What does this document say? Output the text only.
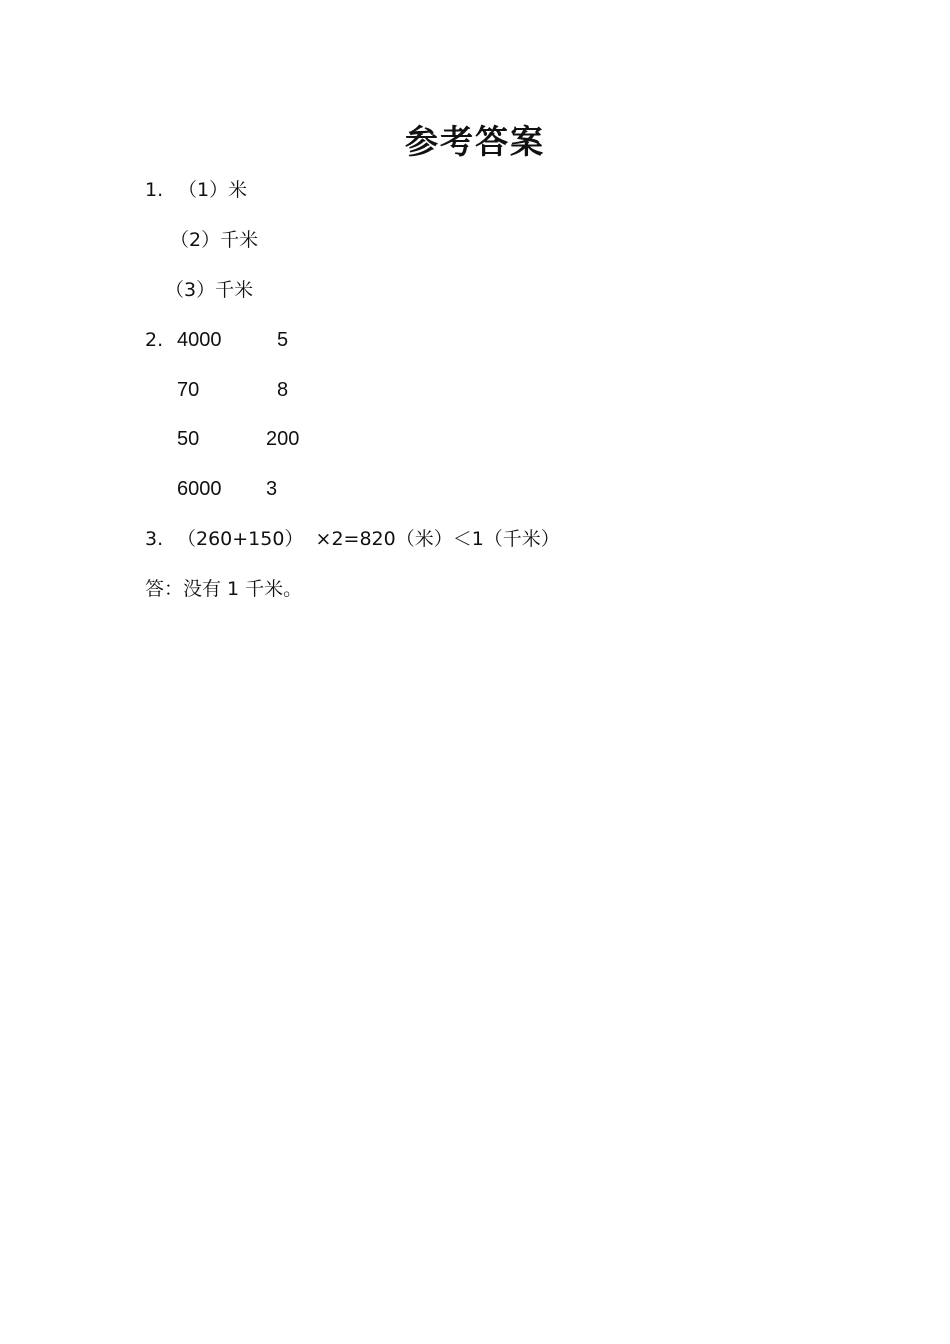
参考答案
1. （1）米
（2）千米
（3）千米
2. 4000	5
70	8
50	200
6000 3
3. （260+150）  ×2=820（米）＜1（千米）
答：没有 1 千米。
